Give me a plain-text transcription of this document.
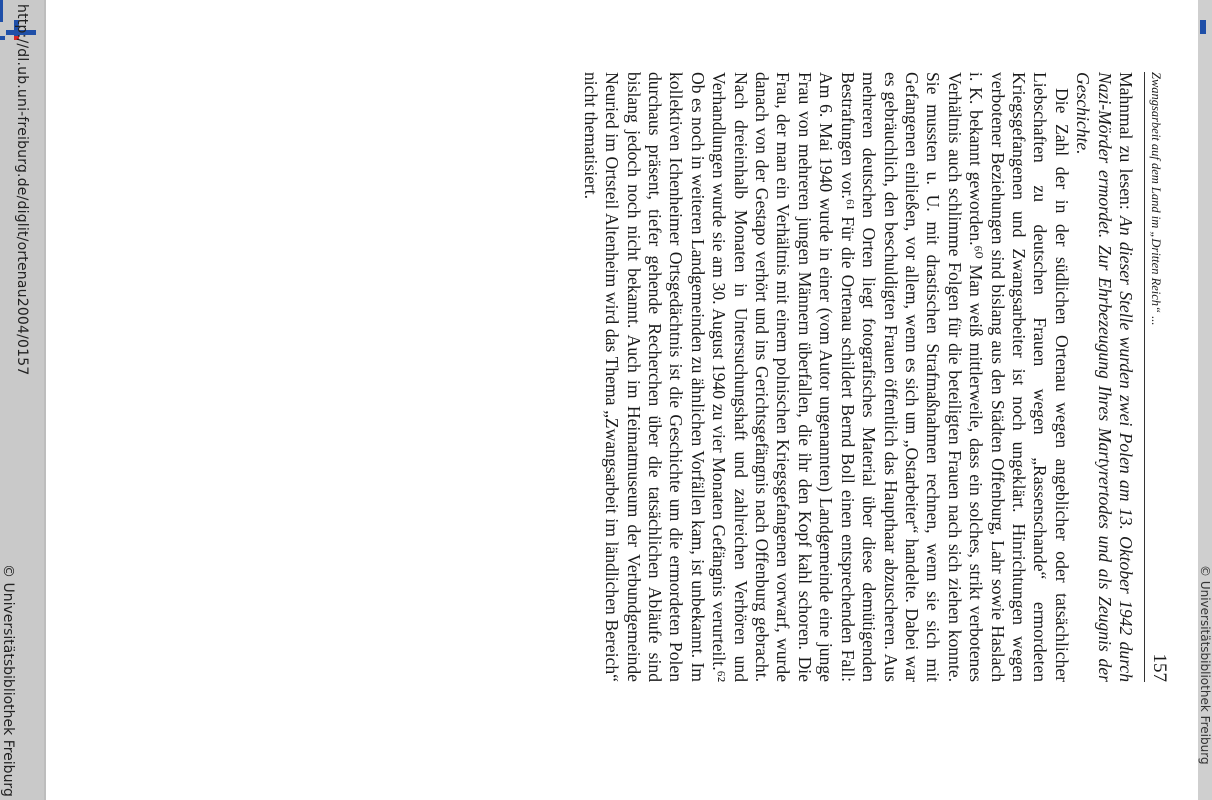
http://dl.ub.uni-freiburg.de/diglit/ortenau2004/0157
© Universitätsbibliothek Freiburg	© Universitätsbibliothek Freiburg
Zwangsarbeit auf dem Land im „Dritten Reich“ ...
157

Mahnmal zu lesen: An dieser Stelle wurden zwei Polen am 13. Oktober 1942 durch Nazi-Mörder ermordet. Zur Ehrbezeugung Ihres Martyrertodes und als Zeugnis der Geschichte.

Die Zahl der in der südlichen Ortenau wegen angeblicher oder tatsächlicher Liebschaften zu deutschen Frauen wegen „Rassenschande“ ermordeten Kriegsgefangenen und Zwangsarbeiter ist noch ungeklärt. Hinrichtungen wegen verbotener Beziehungen sind bislang aus den Städten Offenburg, Lahr sowie Haslach i. K. bekannt geworden.⁶⁰ Man weiß mittlerweile, dass ein solches, strikt verbotenes Verhältnis auch schlimme Folgen für die beteiligten Frauen nach sich ziehen konnte. Sie mussten u. U. mit drastischen Strafmaßnahmen rechnen, wenn sie sich mit Gefangenen einließen, vor allem, wenn es sich um „Ostarbeiter“ handelte. Dabei war es gebräuchlich, den beschuldigten Frauen öffentlich das Haupthaar abzuscheren. Aus mehreren deutschen Orten liegt fotografisches Material über diese demütigenden Bestrafungen vor.⁶¹ Für die Ortenau schildert Bernd Boll einen entsprechenden Fall: Am 6. Mai 1940 wurde in einer (vom Autor ungenannten) Landgemeinde eine junge Frau von mehreren jungen Männern überfallen, die ihr den Kopf kahl schoren. Die Frau, der man ein Verhältnis mit einem polnischen Kriegsgefangenen vorwarf, wurde danach von der Gestapo verhört und ins Gerichtsgefängnis nach Offenburg gebracht. Nach dreieinhalb Monaten in Untersuchungshaft und zahlreichen Verhören und Verhandlungen wurde sie am 30. August 1940 zu vier Monaten Gefängnis verurteilt.⁶² Ob es noch in weiteren Landgemeinden zu ähnlichen Vorfällen kam, ist unbekannt. Im kollektiven Ichenheimer Ortsgedächtnis ist die Geschichte um die ermordeten Polen durchaus präsent, tiefer gehende Recherchen über die tatsächlichen Abläufe sind bislang jedoch noch nicht bekannt. Auch im Heimatmuseum der Verbundgemeinde Neuried im Ortsteil Altenheim wird das Thema „Zwangsarbeit im ländlichen Bereich“ nicht thematisiert.
